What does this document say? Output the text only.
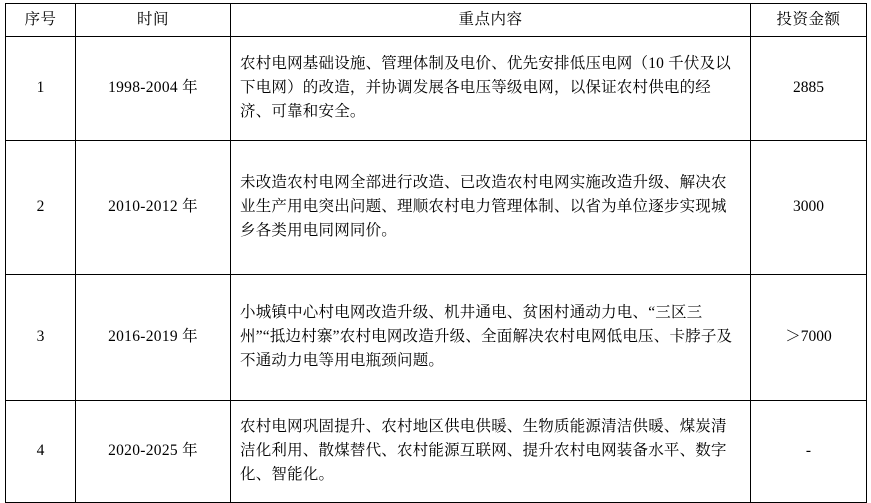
序号	时间	重点内容	投资金额
1	1998-2004 年	农村电网基础设施、管理体制及电价、优先安排低压电网（10 千伏及以下电网）的改造，并协调发展各电压等级电网，以保证农村供电的经济、可靠和安全。	2885
2	2010-2012 年	未改造农村电网全部进行改造、已改造农村电网实施改造升级、解决农业生产用电突出问题、理顺农村电力管理体制、以省为单位逐步实现城乡各类用电同网同价。	3000
3	2016-2019 年	小城镇中心村电网改造升级、机井通电、贫困村通动力电、“三区三州”“抵边村寨”农村电网改造升级、全面解决农村电网低电压、卡脖子及不通动力电等用电瓶颈问题。	＞7000
4	2020-2025 年	农村电网巩固提升、农村地区供电供暖、生物质能源清洁供暖、煤炭清洁化利用、散煤替代、农村能源互联网、提升农村电网装备水平、数字化、智能化。	-
